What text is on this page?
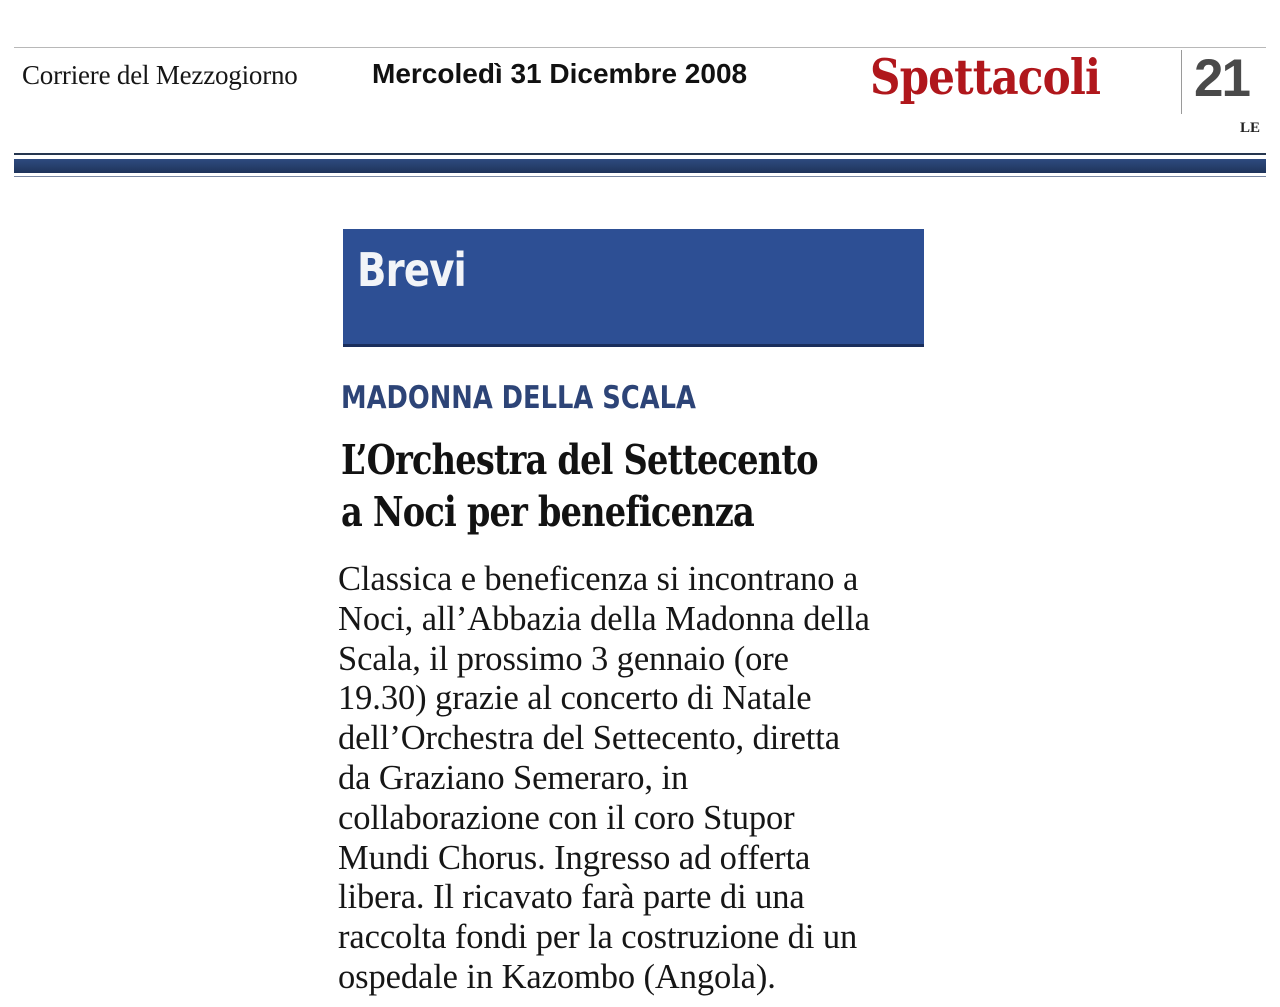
Corriere del Mezzogiorno	Mercoledì 31 Dicembre 2008	Spettacoli 21
LE
Brevi
MADONNA DELLA SCALA
L’Orchestra del Settecento
a Noci per beneficenza
Classica e beneficenza si incontrano a
Noci, all’Abbazia della Madonna della
Scala, il prossimo 3 gennaio (ore
19.30) grazie al concerto di Natale
dell’Orchestra del Settecento, diretta
da Graziano Semeraro, in
collaborazione con il coro Stupor
Mundi Chorus. Ingresso ad offerta
libera. Il ricavato farà parte di una
raccolta fondi per la costruzione di un
ospedale in Kazombo (Angola).
